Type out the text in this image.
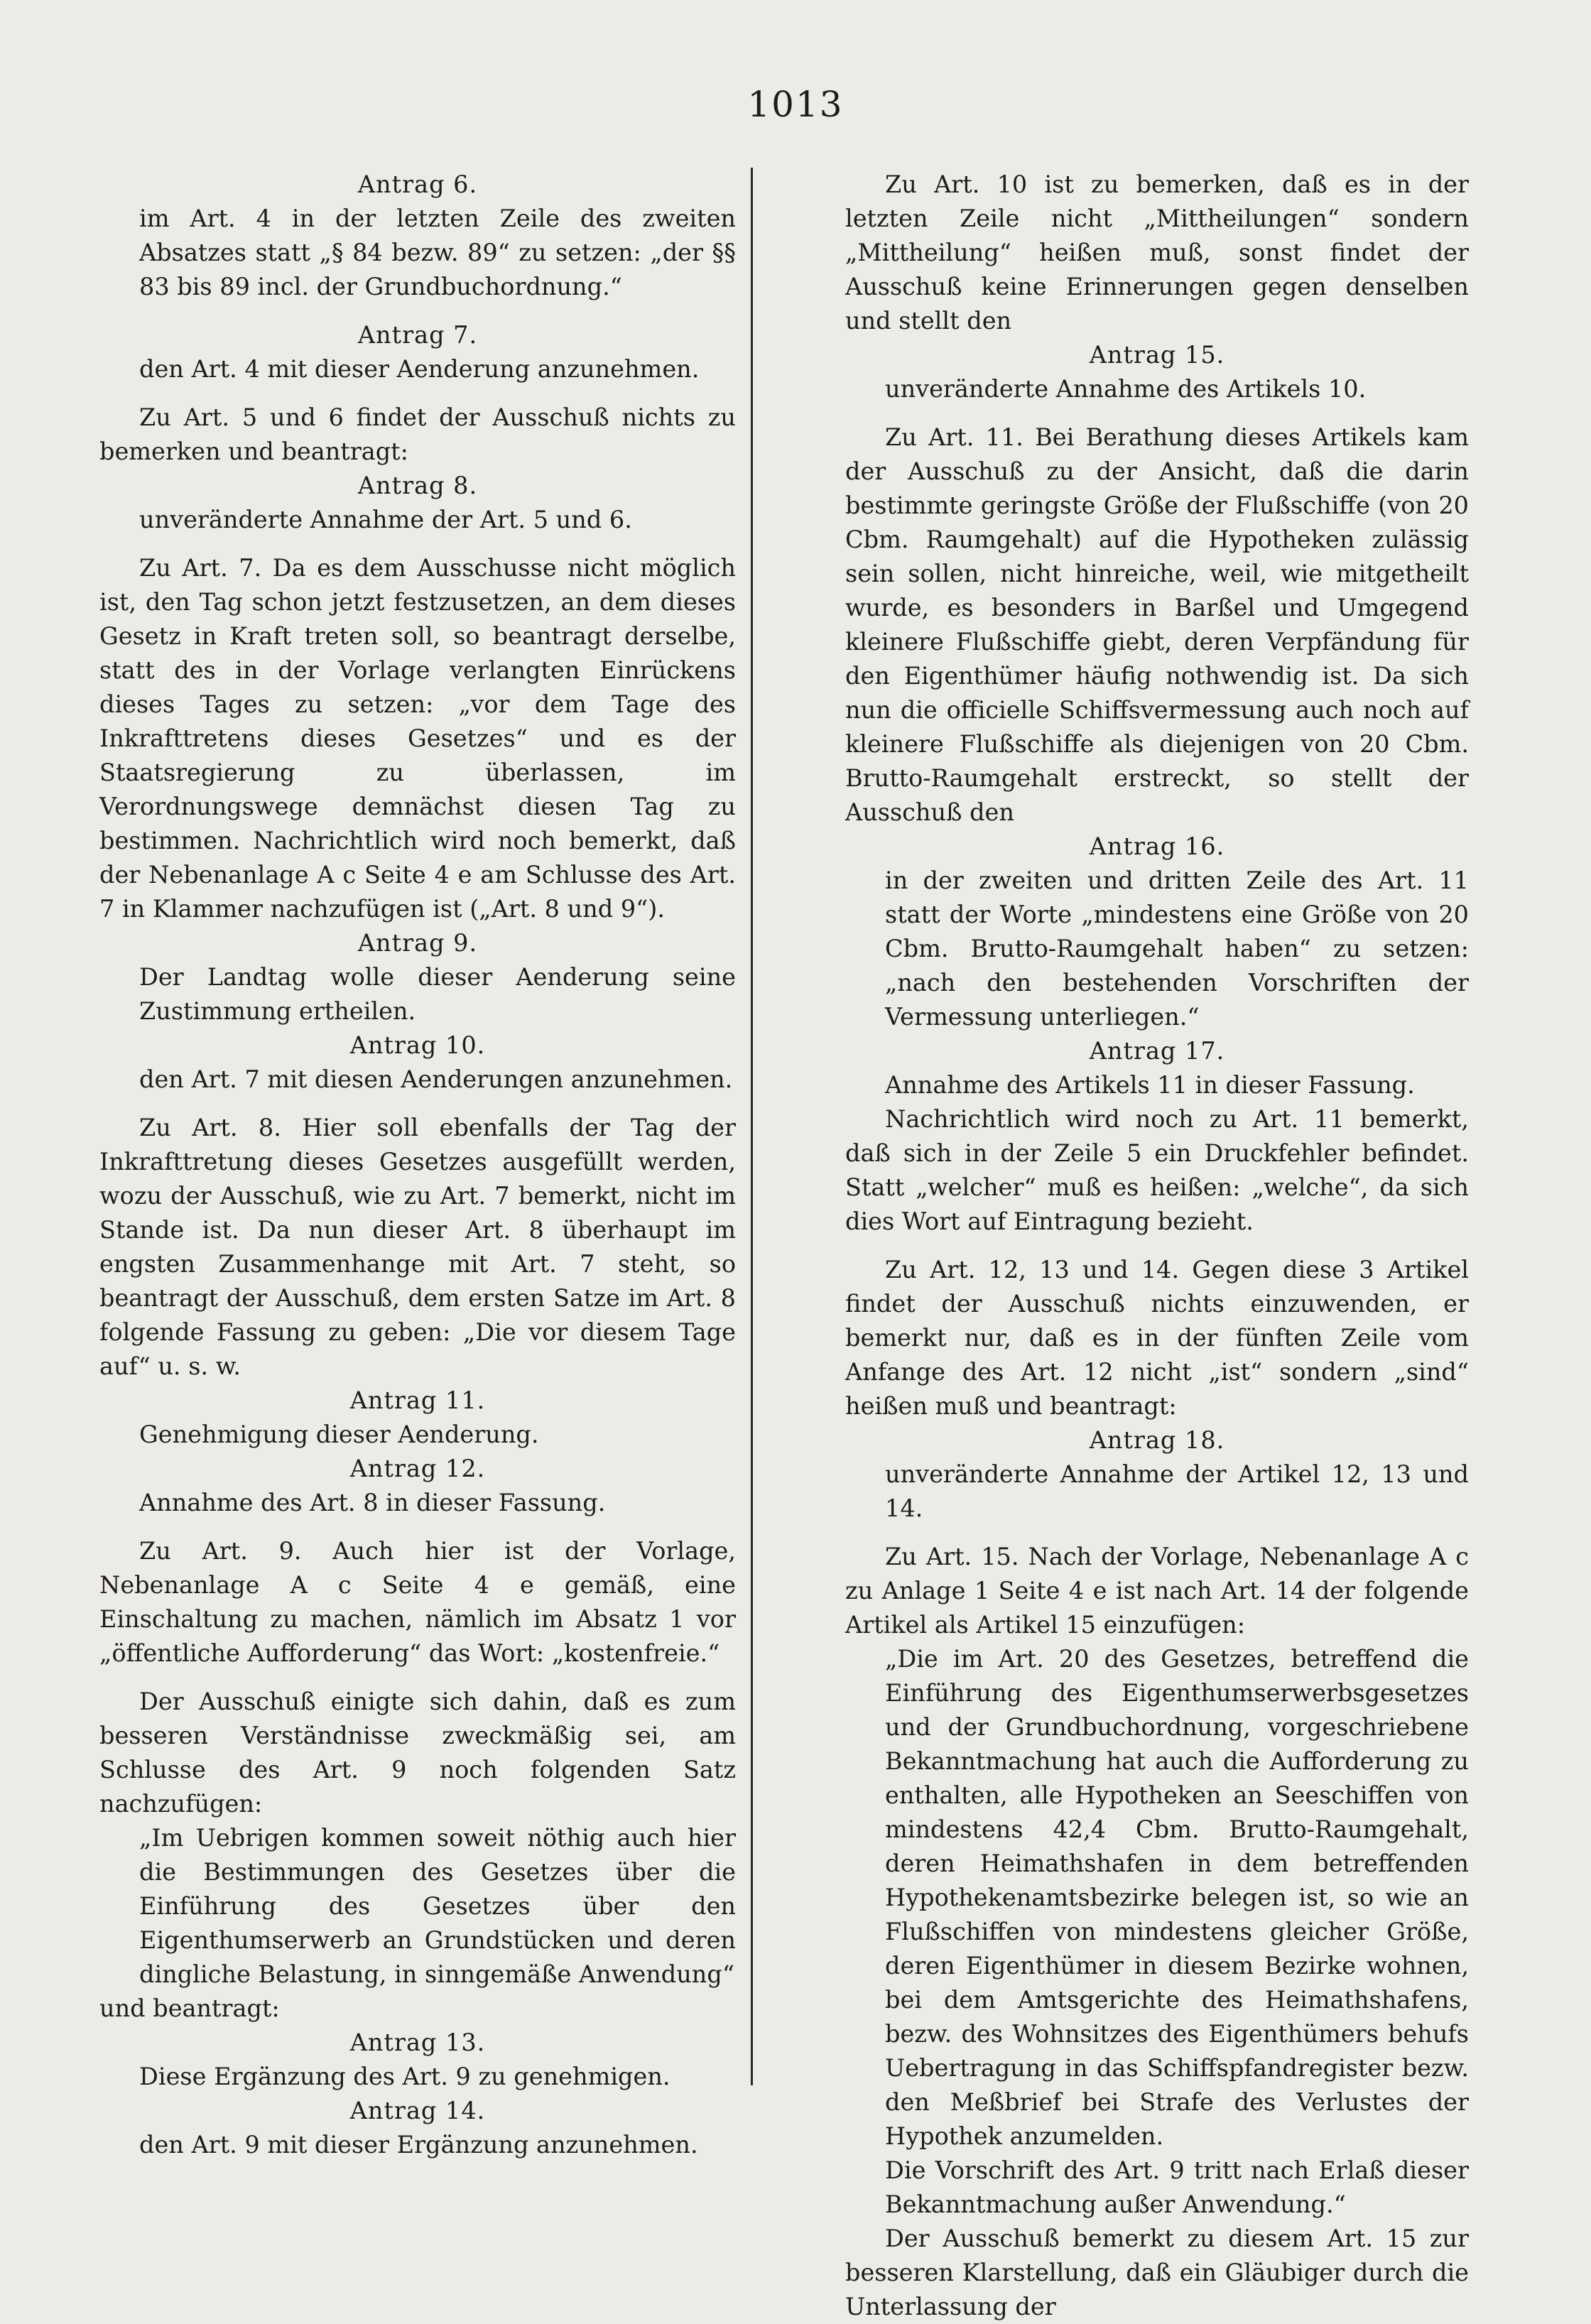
1013

Antrag 6.

im Art. 4 in der letzten Zeile des zweiten Absatzes statt „§ 84 bezw. 89“ zu setzen: „der §§ 83 bis 89 incl. der Grundbuchordnung.“

Antrag 7.

den Art. 4 mit dieser Aenderung anzunehmen.

Zu Art. 5 und 6 findet der Ausschuß nichts zu bemerken und beantragt:

Antrag 8.

unveränderte Annahme der Art. 5 und 6.

Zu Art. 7. Da es dem Ausschusse nicht möglich ist, den Tag schon jetzt festzusetzen, an dem dieses Gesetz in Kraft treten soll, so beantragt derselbe, statt des in der Vorlage verlangten Einrückens dieses Tages zu setzen: „vor dem Tage des Inkrafttretens dieses Gesetzes“ und es der Staatsregierung zu überlassen, im Verordnungswege demnächst diesen Tag zu bestimmen. Nachrichtlich wird noch bemerkt, daß der Nebenanlage A c Seite 4 e am Schlusse des Art. 7 in Klammer nachzufügen ist („Art. 8 und 9“).

Antrag 9.

Der Landtag wolle dieser Aenderung seine Zustimmung ertheilen.

Antrag 10.

den Art. 7 mit diesen Aenderungen anzunehmen.

Zu Art. 8. Hier soll ebenfalls der Tag der Inkrafttretung dieses Gesetzes ausgefüllt werden, wozu der Ausschuß, wie zu Art. 7 bemerkt, nicht im Stande ist. Da nun dieser Art. 8 überhaupt im engsten Zusammenhange mit Art. 7 steht, so beantragt der Ausschuß, dem ersten Satze im Art. 8 folgende Fassung zu geben: „Die vor diesem Tage auf“ u. s. w.

Antrag 11.

Genehmigung dieser Aenderung.

Antrag 12.

Annahme des Art. 8 in dieser Fassung.

Zu Art. 9. Auch hier ist der Vorlage, Nebenanlage A c Seite 4 e gemäß, eine Einschaltung zu machen, nämlich im Absatz 1 vor „öffentliche Aufforderung“ das Wort: „kostenfreie.“

Der Ausschuß einigte sich dahin, daß es zum besseren Verständnisse zweckmäßig sei, am Schlusse des Art. 9 noch folgenden Satz nachzufügen:

„Im Uebrigen kommen soweit nöthig auch hier die Bestimmungen des Gesetzes über die Einführung des Gesetzes über den Eigenthumserwerb an Grundstücken und deren dingliche Belastung, in sinngemäße Anwendung“

und beantragt:

Antrag 13.

Diese Ergänzung des Art. 9 zu genehmigen.

Antrag 14.

den Art. 9 mit dieser Ergänzung anzunehmen.

Zu Art. 10 ist zu bemerken, daß es in der letzten Zeile nicht „Mittheilungen“ sondern „Mittheilung“ heißen muß, sonst findet der Ausschuß keine Erinnerungen gegen denselben und stellt den

Antrag 15.

unveränderte Annahme des Artikels 10.

Zu Art. 11. Bei Berathung dieses Artikels kam der Ausschuß zu der Ansicht, daß die darin bestimmte geringste Größe der Flußschiffe (von 20 Cbm. Raumgehalt) auf die Hypotheken zulässig sein sollen, nicht hinreiche, weil, wie mitgetheilt wurde, es besonders in Barßel und Umgegend kleinere Flußschiffe giebt, deren Verpfändung für den Eigenthümer häufig nothwendig ist. Da sich nun die officielle Schiffsvermessung auch noch auf kleinere Flußschiffe als diejenigen von 20 Cbm. Brutto-Raumgehalt erstreckt, so stellt der Ausschuß den

Antrag 16.

in der zweiten und dritten Zeile des Art. 11 statt der Worte „mindestens eine Größe von 20 Cbm. Brutto-Raumgehalt haben“ zu setzen: „nach den bestehenden Vorschriften der Vermessung unterliegen.“

Antrag 17.

Annahme des Artikels 11 in dieser Fassung.

Nachrichtlich wird noch zu Art. 11 bemerkt, daß sich in der Zeile 5 ein Druckfehler befindet. Statt „welcher“ muß es heißen: „welche“, da sich dies Wort auf Eintragung bezieht.

Zu Art. 12, 13 und 14. Gegen diese 3 Artikel findet der Ausschuß nichts einzuwenden, er bemerkt nur, daß es in der fünften Zeile vom Anfange des Art. 12 nicht „ist“ sondern „sind“ heißen muß und beantragt:

Antrag 18.

unveränderte Annahme der Artikel 12, 13 und 14.

Zu Art. 15. Nach der Vorlage, Nebenanlage A c zu Anlage 1 Seite 4 e ist nach Art. 14 der folgende Artikel als Artikel 15 einzufügen:

„Die im Art. 20 des Gesetzes, betreffend die Einführung des Eigenthumserwerbsgesetzes und der Grundbuchordnung, vorgeschriebene Bekanntmachung hat auch die Aufforderung zu enthalten, alle Hypotheken an Seeschiffen von mindestens 42,4 Cbm. Brutto-Raumgehalt, deren Heimathshafen in dem betreffenden Hypothekenamtsbezirke belegen ist, so wie an Flußschiffen von mindestens gleicher Größe, deren Eigenthümer in diesem Bezirke wohnen, bei dem Amtsgerichte des Heimathshafens, bezw. des Wohnsitzes des Eigenthümers behufs Uebertragung in das Schiffspfandregister bezw. den Meßbrief bei Strafe des Verlustes der Hypothek anzumelden.

Die Vorschrift des Art. 9 tritt nach Erlaß dieser Bekanntmachung außer Anwendung.“

Der Ausschuß bemerkt zu diesem Art. 15 zur besseren Klarstellung, daß ein Gläubiger durch die Unterlassung der
